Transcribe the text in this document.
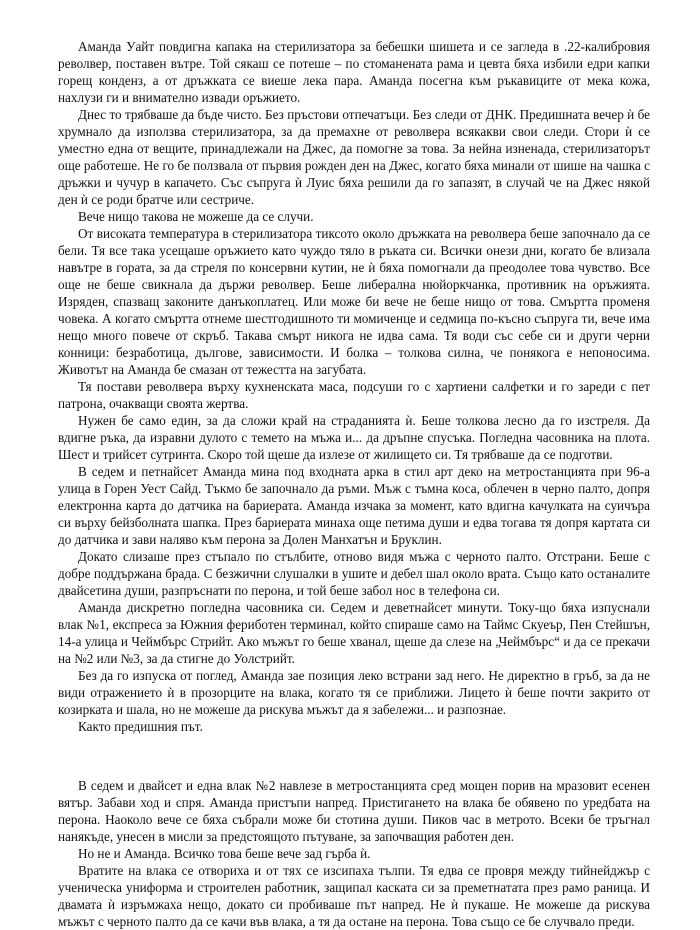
Аманда Уайт повдигна капака на стерилизатора за бебешки шишета и се загледа в .22-калибровия револвер, поставен вътре. Той сякаш се потеше – по стоманената рама и цевта бяха избили едри капки горещ конденз, а от дръжката се виеше лека пара. Аманда посегна към ръкавиците от мека кожа, нахлузи ги и внимателно извади оръжието.

Днес то трябваше да бъде чисто. Без пръстови отпечатъци. Без следи от ДНК. Предишната вечер ѝ бе хрумнало да използва стерилизатора, за да премахне от револвера всякакви свои следи. Стори ѝ се уместно една от вещите, принадлежали на Джес, да помогне за това. За нейна изненада, стерилизаторът още работеше. Не го бе ползвала от първия рожден ден на Джес, когато бяха минали от шише на чашка с дръжки и чучур в капачето. Със съпруга ѝ Луис бяха решили да го запазят, в случай че на Джес някой ден ѝ се роди братче или сестриче.

Вече нищо такова не можеше да се случи.

От високата температура в стерилизатора тиксото около дръжката на револвера беше започнало да се бели. Тя все така усещаше оръжието като чуждо тяло в ръката си. Всички онези дни, когато бе влизала навътре в гората, за да стреля по консервни кутии, не ѝ бяха помогнали да преодолее това чувство. Все още не беше свикнала да държи револвер. Беше либерална нюйоркчанка, противник на оръжията. Изряден, спазващ законите данъкоплатец. Или може би вече не беше нищо от това. Смъртта променя човека. А когато смъртта отнеме шестгодишното ти момиченце и седмица по-късно съпруга ти, вече има нещо много повече от скръб. Такава смърт никога не идва сама. Тя води със себе си и други черни конници: безработица, дългове, зависимости. И болка – толкова силна, че понякога е непоносима. Животът на Аманда бе смазан от тежестта на загубата.

Тя постави револвера върху кухненската маса, подсуши го с хартиени салфетки и го зареди с пет патрона, очакващи своята жертва.

Нужен бе само един, за да сложи край на страданията ѝ. Беше толкова лесно да го изстреля. Да вдигне ръка, да изравни дулото с темето на мъжа и... да дръпне спусъка. Погледна часовника на плота. Шест и трийсет сутринта. Скоро той щеше да излезе от жилището си. Тя трябваше да се подготви.

В седем и петнайсет Аманда мина под входната арка в стил арт деко на метростанцията при 96-а улица в Горен Уест Сайд. Тъкмо бе започнало да ръми. Мъж с тъмна коса, облечен в черно палто, допря електронна карта до датчика на бариерата. Аманда изчака за момент, като вдигна качулката на суичъра си върху бейзболната шапка. През бариерата минаха още петима души и едва тогава тя допря картата си до датчика и зави наляво към перона за Долен Манхатън и Бруклин.

Докато слизаше през стъпало по стълбите, отново видя мъжа с черното палто. Отстрани. Беше с добре поддържана брада. С безжични слушалки в ушите и дебел шал около врата. Също като останалите двайсетина души, разпръснати по перона, и той беше забол нос в телефона си.

Аманда дискретно погледна часовника си. Седем и деветнайсет минути. Току-що бяха изпуснали влак №1, експреса за Южния фериботен терминал, който спираше само на Таймс Скуеър, Пен Стейшън, 14-а улица и Чеймбърс Стрийт. Ако мъжът го беше хванал, щеше да слезе на „Чеймбърс“ и да се прекачи на №2 или №3, за да стигне до Уолстрийт.

Без да го изпуска от поглед, Аманда зае позиция леко встрани зад него. Не директно в гръб, за да не види отражението ѝ в прозорците на влака, когато тя се приближи. Лицето ѝ беше почти закрито от козирката и шала, но не можеше да рискува мъжът да я забележи... и разпознае.

Както предишния път.

В седем и двайсет и една влак №2 навлезе в метростанцията сред мощен порив на мразовит есенен вятър. Забави ход и спря. Аманда пристъпи напред. Пристигането на влака бе обявено по уредбата на перона. Наоколо вече се бяха събрали може би стотина души. Пиков час в метрото. Всеки бе тръгнал нанякъде, унесен в мисли за предстоящото пътуване, за започващия работен ден.

Но не и Аманда. Всичко това беше вече зад гърба ѝ.

Вратите на влака се отвориха и от тях се изсипаха тълпи. Тя едва се провря между тийнейджър с ученическа униформа и строителен работник, защипал каската си за преметнатата през рамо раница. И двамата ѝ изръмжаха нещо, докато си пробиваше път напред. Не ѝ пукаше. Не можеше да рискува мъжът с черното палто да се качи във влака, а тя да остане на перона. Това също се бе случвало преди.
